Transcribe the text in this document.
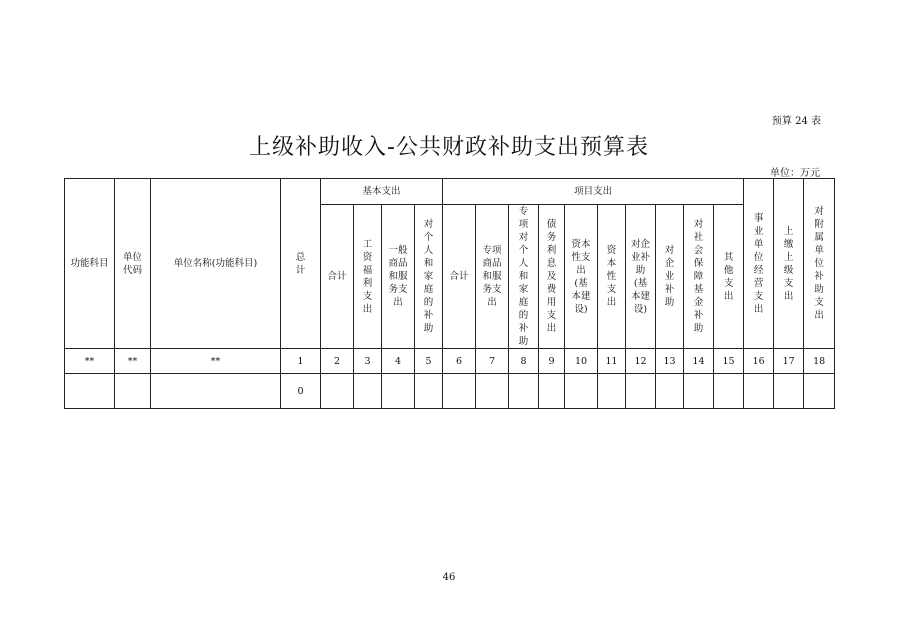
预算 24 表
上级补助收入-公共财政补助支出预算表
单位：万元
功能科目	单位代码	单位名称(功能科目)	总计	基本支出				项目支出										事业单位经营支出	上缴上级支出	对附属单位补助支出
				合计	工资福利支出	一般商品和服务支出	对个人和家庭的补助	合计	专项商品和服务支出	专项对个人和家庭的补助	债务利息及费用支出	资本性支出(基本建设)	资本性支出	对企业补助(基本建设)	对企业补助	对社会保障基金补助	其他支出			
**	**	**	1	2	3	4	5	6	7	8	9	10	11	12	13	14	15	16	17	18
			0																	
46
